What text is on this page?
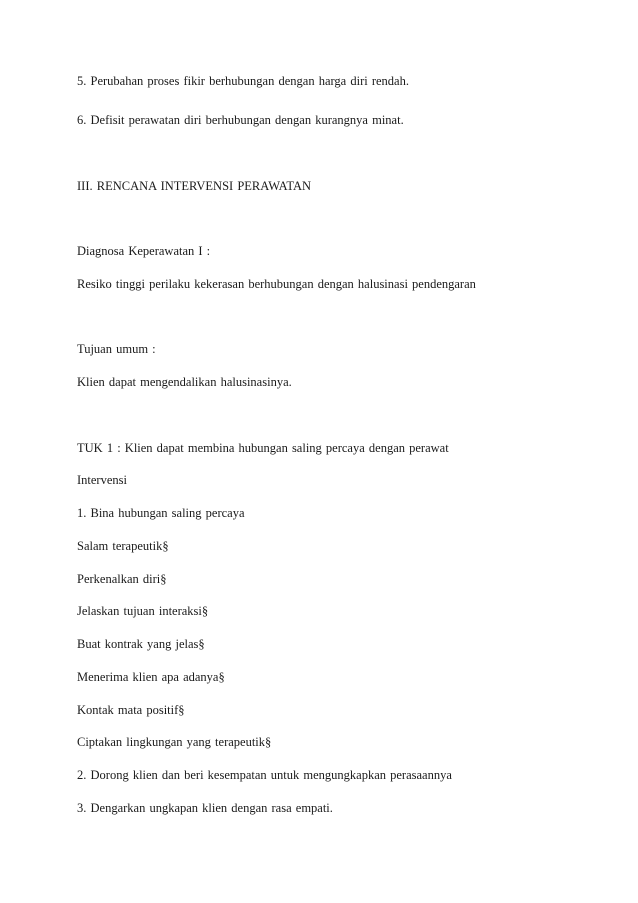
5. Perubahan proses fikir berhubungan dengan harga diri rendah.
6. Defisit perawatan diri berhubungan dengan kurangnya minat.
III. RENCANA INTERVENSI PERAWATAN
Diagnosa Keperawatan I :
Resiko tinggi perilaku kekerasan berhubungan dengan halusinasi pendengaran
Tujuan umum :
Klien dapat mengendalikan halusinasinya.
TUK 1 : Klien dapat membina hubungan saling percaya dengan perawat
Intervensi
1. Bina hubungan saling percaya
Salam terapeutik§
Perkenalkan diri§
Jelaskan tujuan interaksi§
Buat kontrak yang jelas§
Menerima klien apa adanya§
Kontak mata positif§
Ciptakan lingkungan yang terapeutik§
2. Dorong klien dan beri kesempatan untuk mengungkapkan perasaannya
3. Dengarkan ungkapan klien dengan rasa empati.
